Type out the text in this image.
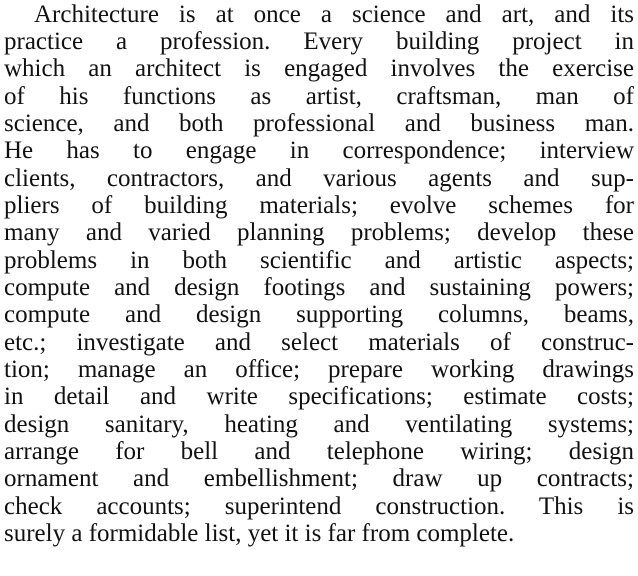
Architecture is at once a science and art, and its

practice a profession. Every building project in

which an architect is engaged involves the exercise

of his functions as artist, craftsman, man of

science, and both professional and business man.

He has to engage in correspondence; interview

clients, contractors, and various agents and sup-

pliers of building materials; evolve schemes for

many and varied planning problems; develop these

problems in both scientific and artistic aspects;

compute and design footings and sustaining powers;

compute and design supporting columns, beams,

etc.; investigate and select materials of construc-

tion; manage an office; prepare working drawings

in detail and write specifications; estimate costs;

design sanitary, heating and ventilating systems;

arrange for bell and telephone wiring; design

ornament and embellishment; draw up contracts;

check accounts; superintend construction. This is

surely a formidable list, yet it is far from complete.
